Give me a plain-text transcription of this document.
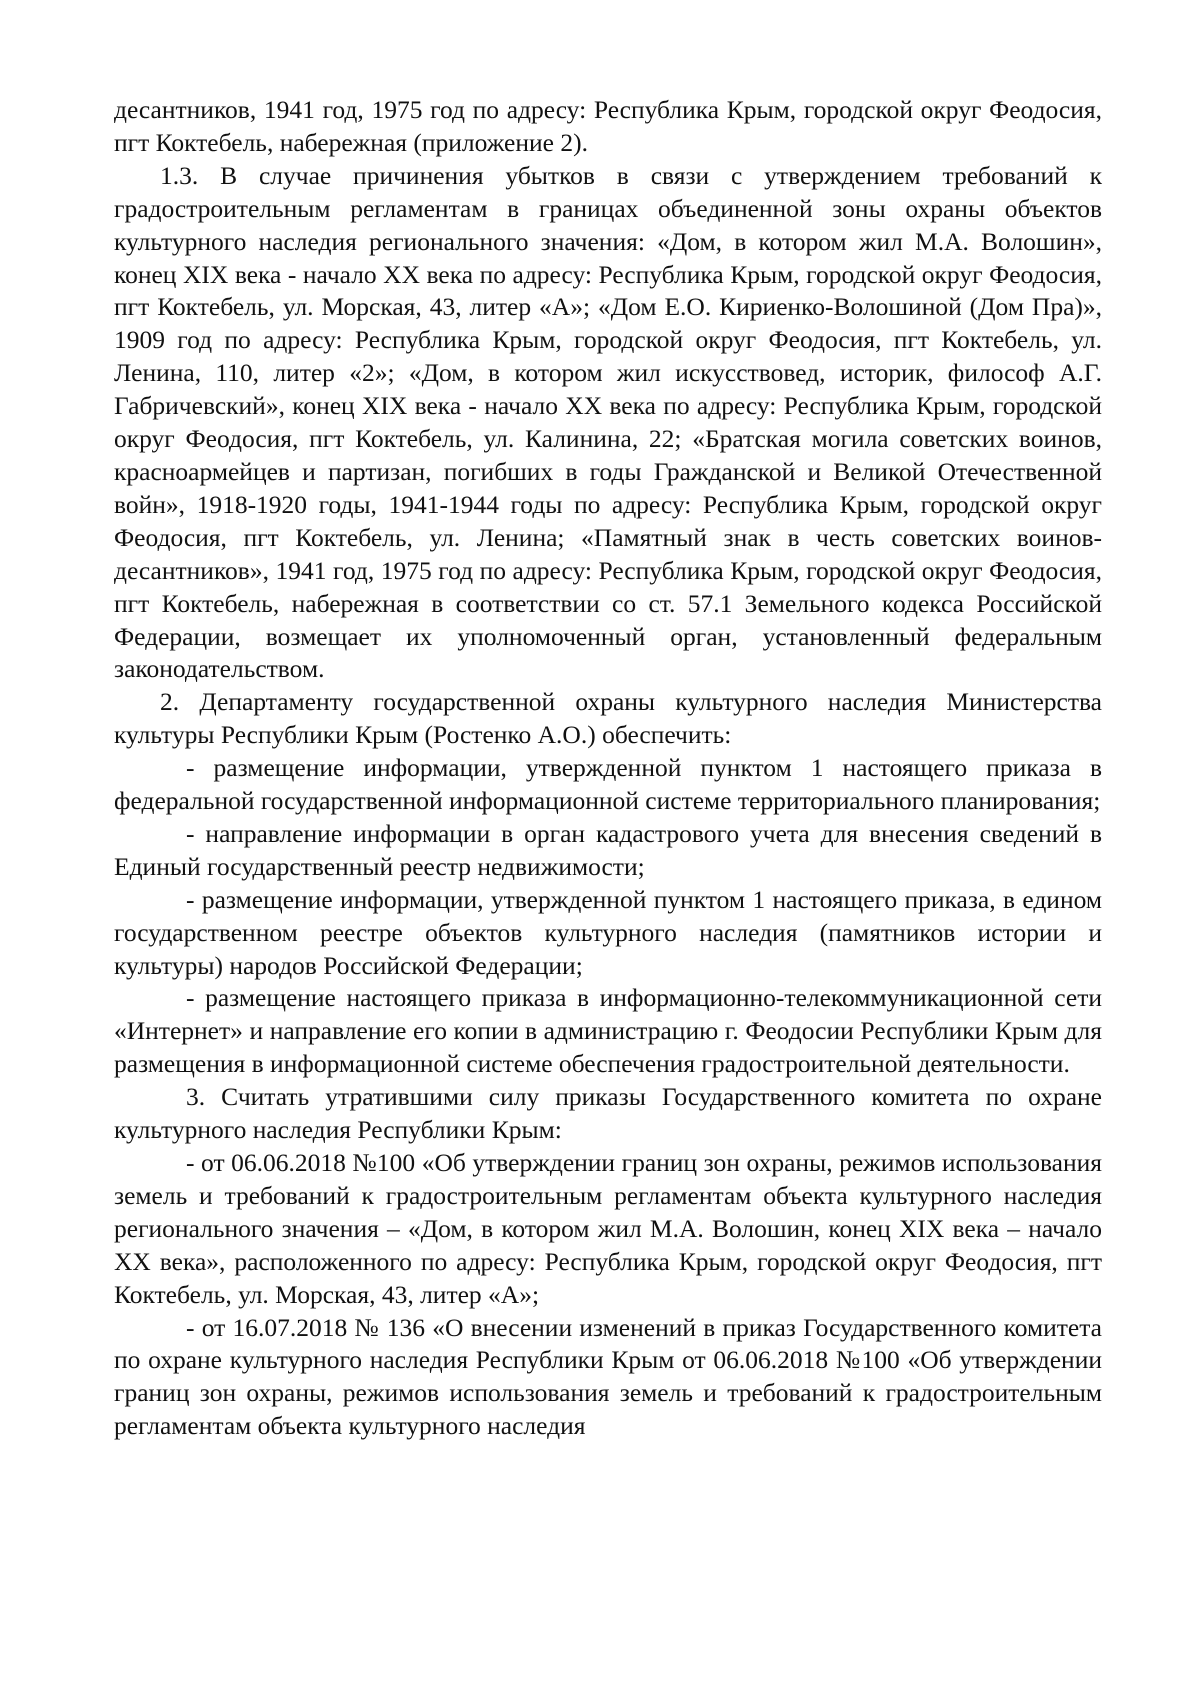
десантников, 1941 год, 1975 год по адресу: Республика Крым, городской округ Феодосия, пгт Коктебель, набережная (приложение 2).

1.3. В случае причинения убытков в связи с утверждением требований к градостроительным регламентам в границах объединенной зоны охраны объектов культурного наследия регионального значения: «Дом, в котором жил М.А. Волошин», конец XIX века - начало XX века по адресу: Республика Крым, городской округ Феодосия, пгт Коктебель, ул. Морская, 43, литер «А»; «Дом Е.О. Кириенко-Волошиной (Дом Пра)», 1909 год по адресу: Республика Крым, городской округ Феодосия, пгт Коктебель, ул. Ленина, 110, литер «2»; «Дом, в котором жил искусствовед, историк, философ А.Г. Габричевский», конец XIX века - начало XX века по адресу: Республика Крым, городской округ Феодосия, пгт Коктебель, ул. Калинина, 22; «Братская могила советских воинов, красноармейцев и партизан, погибших в годы Гражданской и Великой Отечественной войн», 1918-1920 годы, 1941-1944 годы по адресу: Республика Крым, городской округ Феодосия, пгт Коктебель, ул. Ленина; «Памятный знак в честь советских воинов-десантников», 1941 год, 1975 год по адресу: Республика Крым, городской округ Феодосия, пгт Коктебель, набережная в соответствии со ст. 57.1 Земельного кодекса Российской Федерации, возмещает их уполномоченный орган, установленный федеральным законодательством.

2. Департаменту государственной охраны культурного наследия Министерства культуры Республики Крым (Ростенко А.О.) обеспечить:

- размещение информации, утвержденной пунктом 1 настоящего приказа в федеральной государственной информационной системе территориального планирования;

- направление информации в орган кадастрового учета для внесения сведений в Единый государственный реестр недвижимости;

- размещение информации, утвержденной пунктом 1 настоящего приказа, в едином государственном реестре объектов культурного наследия (памятников истории и культуры) народов Российской Федерации;

- размещение настоящего приказа в информационно-телекоммуникационной сети «Интернет» и направление его копии в администрацию г. Феодосии Республики Крым для размещения в информационной системе обеспечения градостроительной деятельности.

3. Считать утратившими силу приказы Государственного комитета по охране культурного наследия Республики Крым:

- от 06.06.2018 №100 «Об утверждении границ зон охраны, режимов использования земель и требований к градостроительным регламентам объекта культурного наследия регионального значения – «Дом, в котором жил М.А. Волошин, конец XIX века – начало XX века», расположенного по адресу: Республика Крым, городской округ Феодосия, пгт Коктебель, ул. Морская, 43, литер «А»;

- от 16.07.2018 № 136 «О внесении изменений в приказ Государственного комитета по охране культурного наследия Республики Крым от 06.06.2018 №100 «Об утверждении границ зон охраны, режимов использования земель и требований к градостроительным регламентам объекта культурного наследия
